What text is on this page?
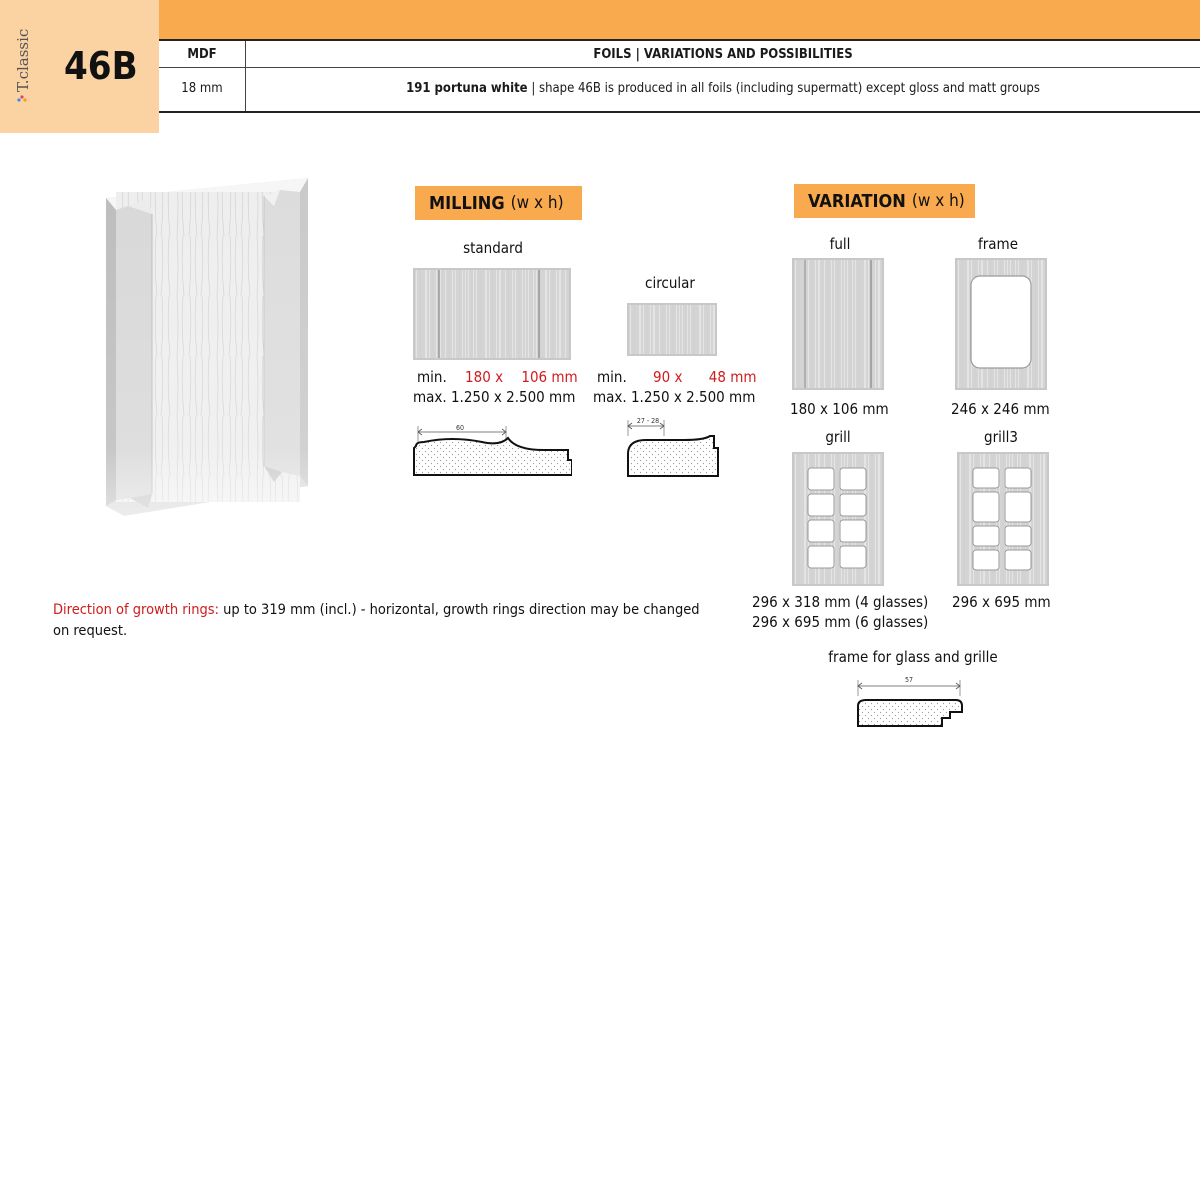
T.classic 46B	MDF	FOILS | VARIATIONS AND POSSIBILITIES
18 mm	191 portuna white | shape 46B is produced in all foils (including supermatt) except gloss and matt groups
MILLING (w x h)
standard
min. 180 x 106 mm
max. 1.250 x 2.500 mm
60
circular
min. 90 x 48 mm
max. 1.250 x 2.500 mm
27 - 28
VARIATION (w x h)
full
180 x 106 mm
frame
246 x 246 mm
grill
296 x 318 mm (4 glasses)
296 x 695 mm (6 glasses)
grill3
296 x 695 mm
frame for glass and grille
57
Direction of growth rings: up to 319 mm (incl.) - horizontal, growth rings direction may be changed on request.
